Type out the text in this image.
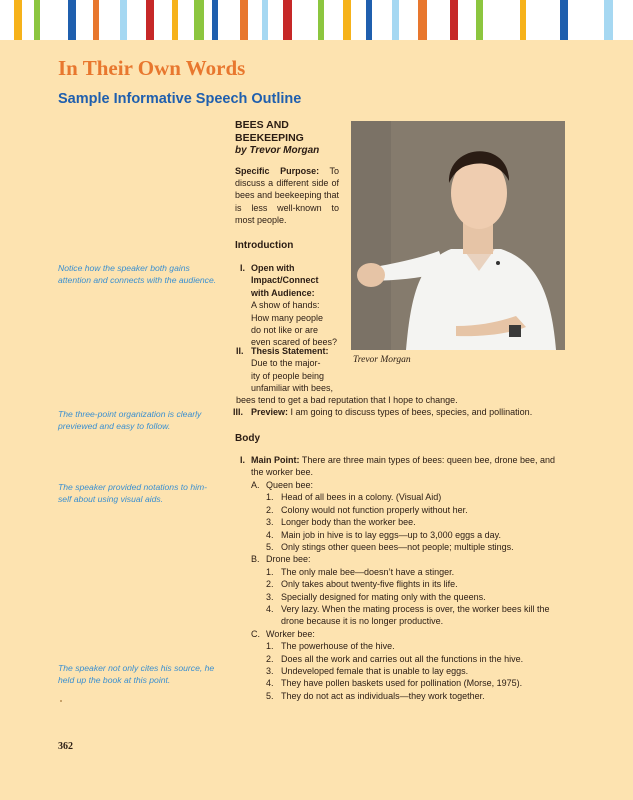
In Their Own Words
Sample Informative Speech Outline
BEES AND
BEEKEEPING
by Trevor Morgan

Specific Purpose: To discuss a different side of bees and beekeeping that is less well-known to most people.

Trevor Morgan
Introduction
I. Open with
Impact/Connect
with Audience:
A show of hands:
How many people
do not like or are
even scared of bees?
II. Thesis Statement:
Due to the major-
ity of people being
unfamiliar with bees,
bees tend to get a bad reputation that I hope to change.
III. Preview: I am going to discuss types of bees, species, and pollination.
Body
I. Main Point: There are three main types of bees: queen bee, drone bee, and
the worker bee.
A. Queen bee:
1.
2.
3.
4.
5.
Head of all bees in a colony. (Visual Aid)
Colony would not function properly without her.
Longer body than the worker bee.
Main job in hive is to lay eggs—up to 3,000 eggs a day.
Only stings other queen bees—not people; multiple stings.
B. Drone bee:
1.
2.
3.
4.
The only male bee—doesn’t have a stinger.
Only takes about twenty-five flights in its life.
Specially designed for mating only with the queens.
Very lazy. When the mating process is over, the worker bees kill the
drone because it is no longer productive.
C. Worker bee:
1.
2.
3.
4.
5.
The powerhouse of the hive.
Does all the work and carries out all the functions in the hive.
Undeveloped female that is unable to lay eggs.
They have pollen baskets used for pollination (Morse, 1975).
They do not act as individuals—they work together.
Notice how the speaker both gains attention and connects with the audience.
The three-point organization is clearly previewed and easy to follow.
The speaker provided notations to him-self about using visual aids.
The speaker not only cites his source, he held up the book at this point.
362
